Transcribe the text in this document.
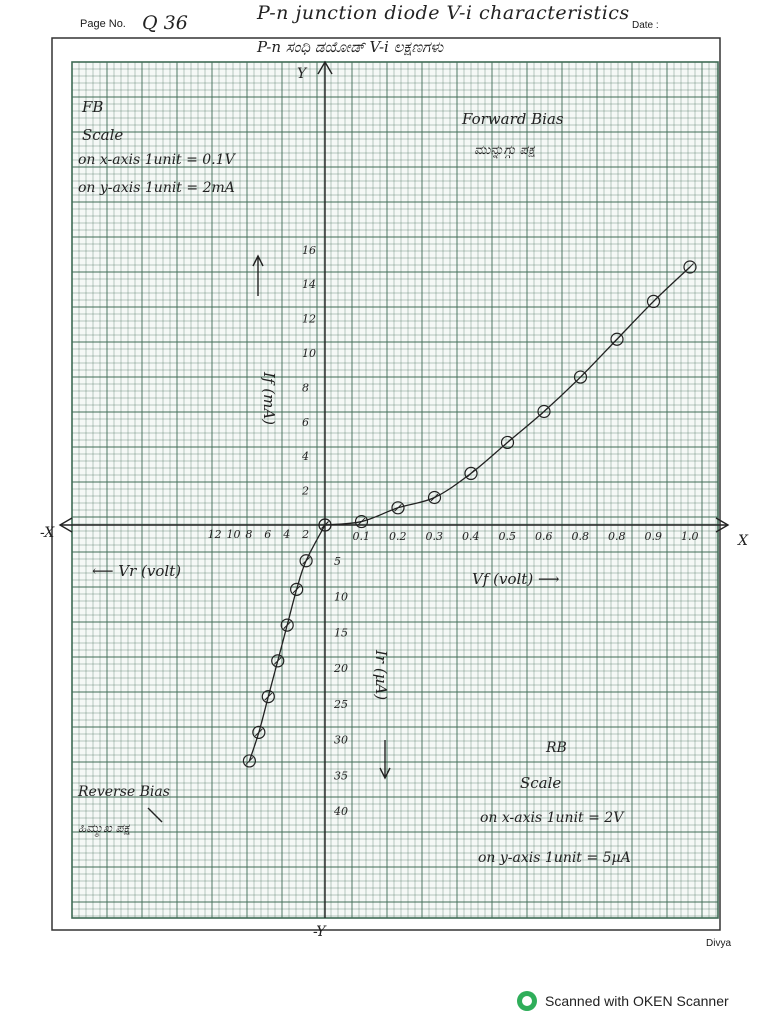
Page No. Q 36	Date :
P-n junction diode V-i characteristics
P-n ಸಂಧಿ ಡಯೋಡ್ V-i ಲಕ್ಷಣಗಳು
X
-X
Y
-Y
FB
Scale
on x-axis 1unit = 0.1V
on y-axis 1unit = 2mA
Forward Bias
ಮುನ್ನುಗ್ಗು ಪಕ್ಷ
Vf (volt) ⟶
If (mA)
⟵ Vr (volt)
Ir (μA)
RB
Scale
on x-axis 1unit = 2V
on y-axis 1unit = 5μA
Reverse Bias
ಹಿಮ್ಮುಖ ಪಕ್ಷ
0.1 0.2 0.3 0.4 0.5 0.6 0.8 0.8 0.9 1.0
2
4
6
8
10
12
14
16
2
4
6
8
10
12
5
10
15
20
25
30
35
40
Divya
Scanned with OKEN Scanner
